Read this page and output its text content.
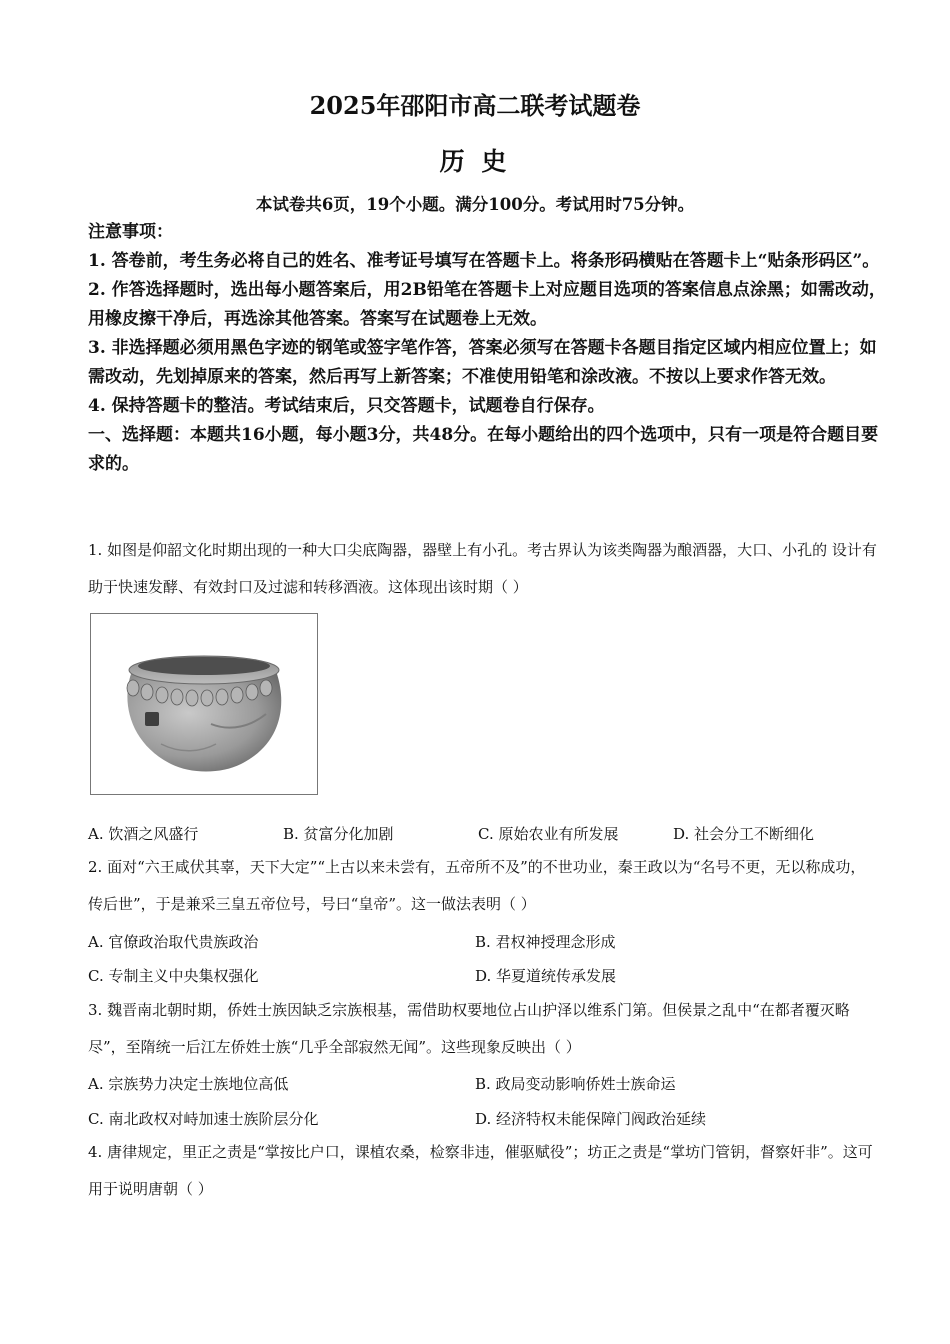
2025年邵阳市高二联考试题卷
历 史
本试卷共6页，19个小题。满分100分。考试用时75分钟。

注意事项：

1. 答卷前，考生务必将自己的姓名、准考证号填写在答题卡上。将条形码横贴在答题卡上“贴条形码区”。

2. 作答选择题时，选出每小题答案后，用2B铅笔在答题卡上对应题目选项的答案信息点涂黑；如需改动，用橡皮擦干净后，再选涂其他答案。答案写在试题卷上无效。

3. 非选择题必须用黑色字迹的钢笔或签字笔作答，答案必须写在答题卡各题目指定区域内相应位置上；如需改动，先划掉原来的答案，然后再写上新答案；不准使用铅笔和涂改液。不按以上要求作答无效。

4. 保持答题卡的整洁。考试结束后，只交答题卡，试题卷自行保存。

一、选择题：本题共16小题，每小题3分，共48分。在每小题给出的四个选项中，只有一项是符合题目要求的。

1. 如图是仰韶文化时期出现的一种大口尖底陶器，器壁上有小孔。考古界认为该类陶器为酿酒器，大口、小孔的 设计有助于快速发酵、有效封口及过滤和转移酒液。这体现出该时期（ ）

A. 饮酒之风盛行	B. 贫富分化加剧	C. 原始农业有所发展	D. 社会分工不断细化

2. 面对“六王咸伏其辜，天下大定”“上古以来未尝有，五帝所不及”的不世功业，秦王政以为“名号不更，无以称成功，传后世”，于是兼采三皇五帝位号，号曰“皇帝”。这一做法表明（ ）

A. 官僚政治取代贵族政治	B. 君权神授理念形成
C. 专制主义中央集权强化	D. 华夏道统传承发展

3. 魏晋南北朝时期，侨姓士族因缺乏宗族根基，需借助权要地位占山护泽以维系门第。但侯景之乱中“在都者覆灭略尽”，至隋统一后江左侨姓士族“几乎全部寂然无闻”。这些现象反映出（ ）

A. 宗族势力决定士族地位高低	B. 政局变动影响侨姓士族命运
C. 南北政权对峙加速士族阶层分化	D. 经济特权未能保障门阀政治延续

4. 唐律规定，里正之责是“掌按比户口，课植农桑，检察非违，催驱赋役”；坊正之责是“掌坊门管钥，督察奸非”。这可用于说明唐朝（ ）
